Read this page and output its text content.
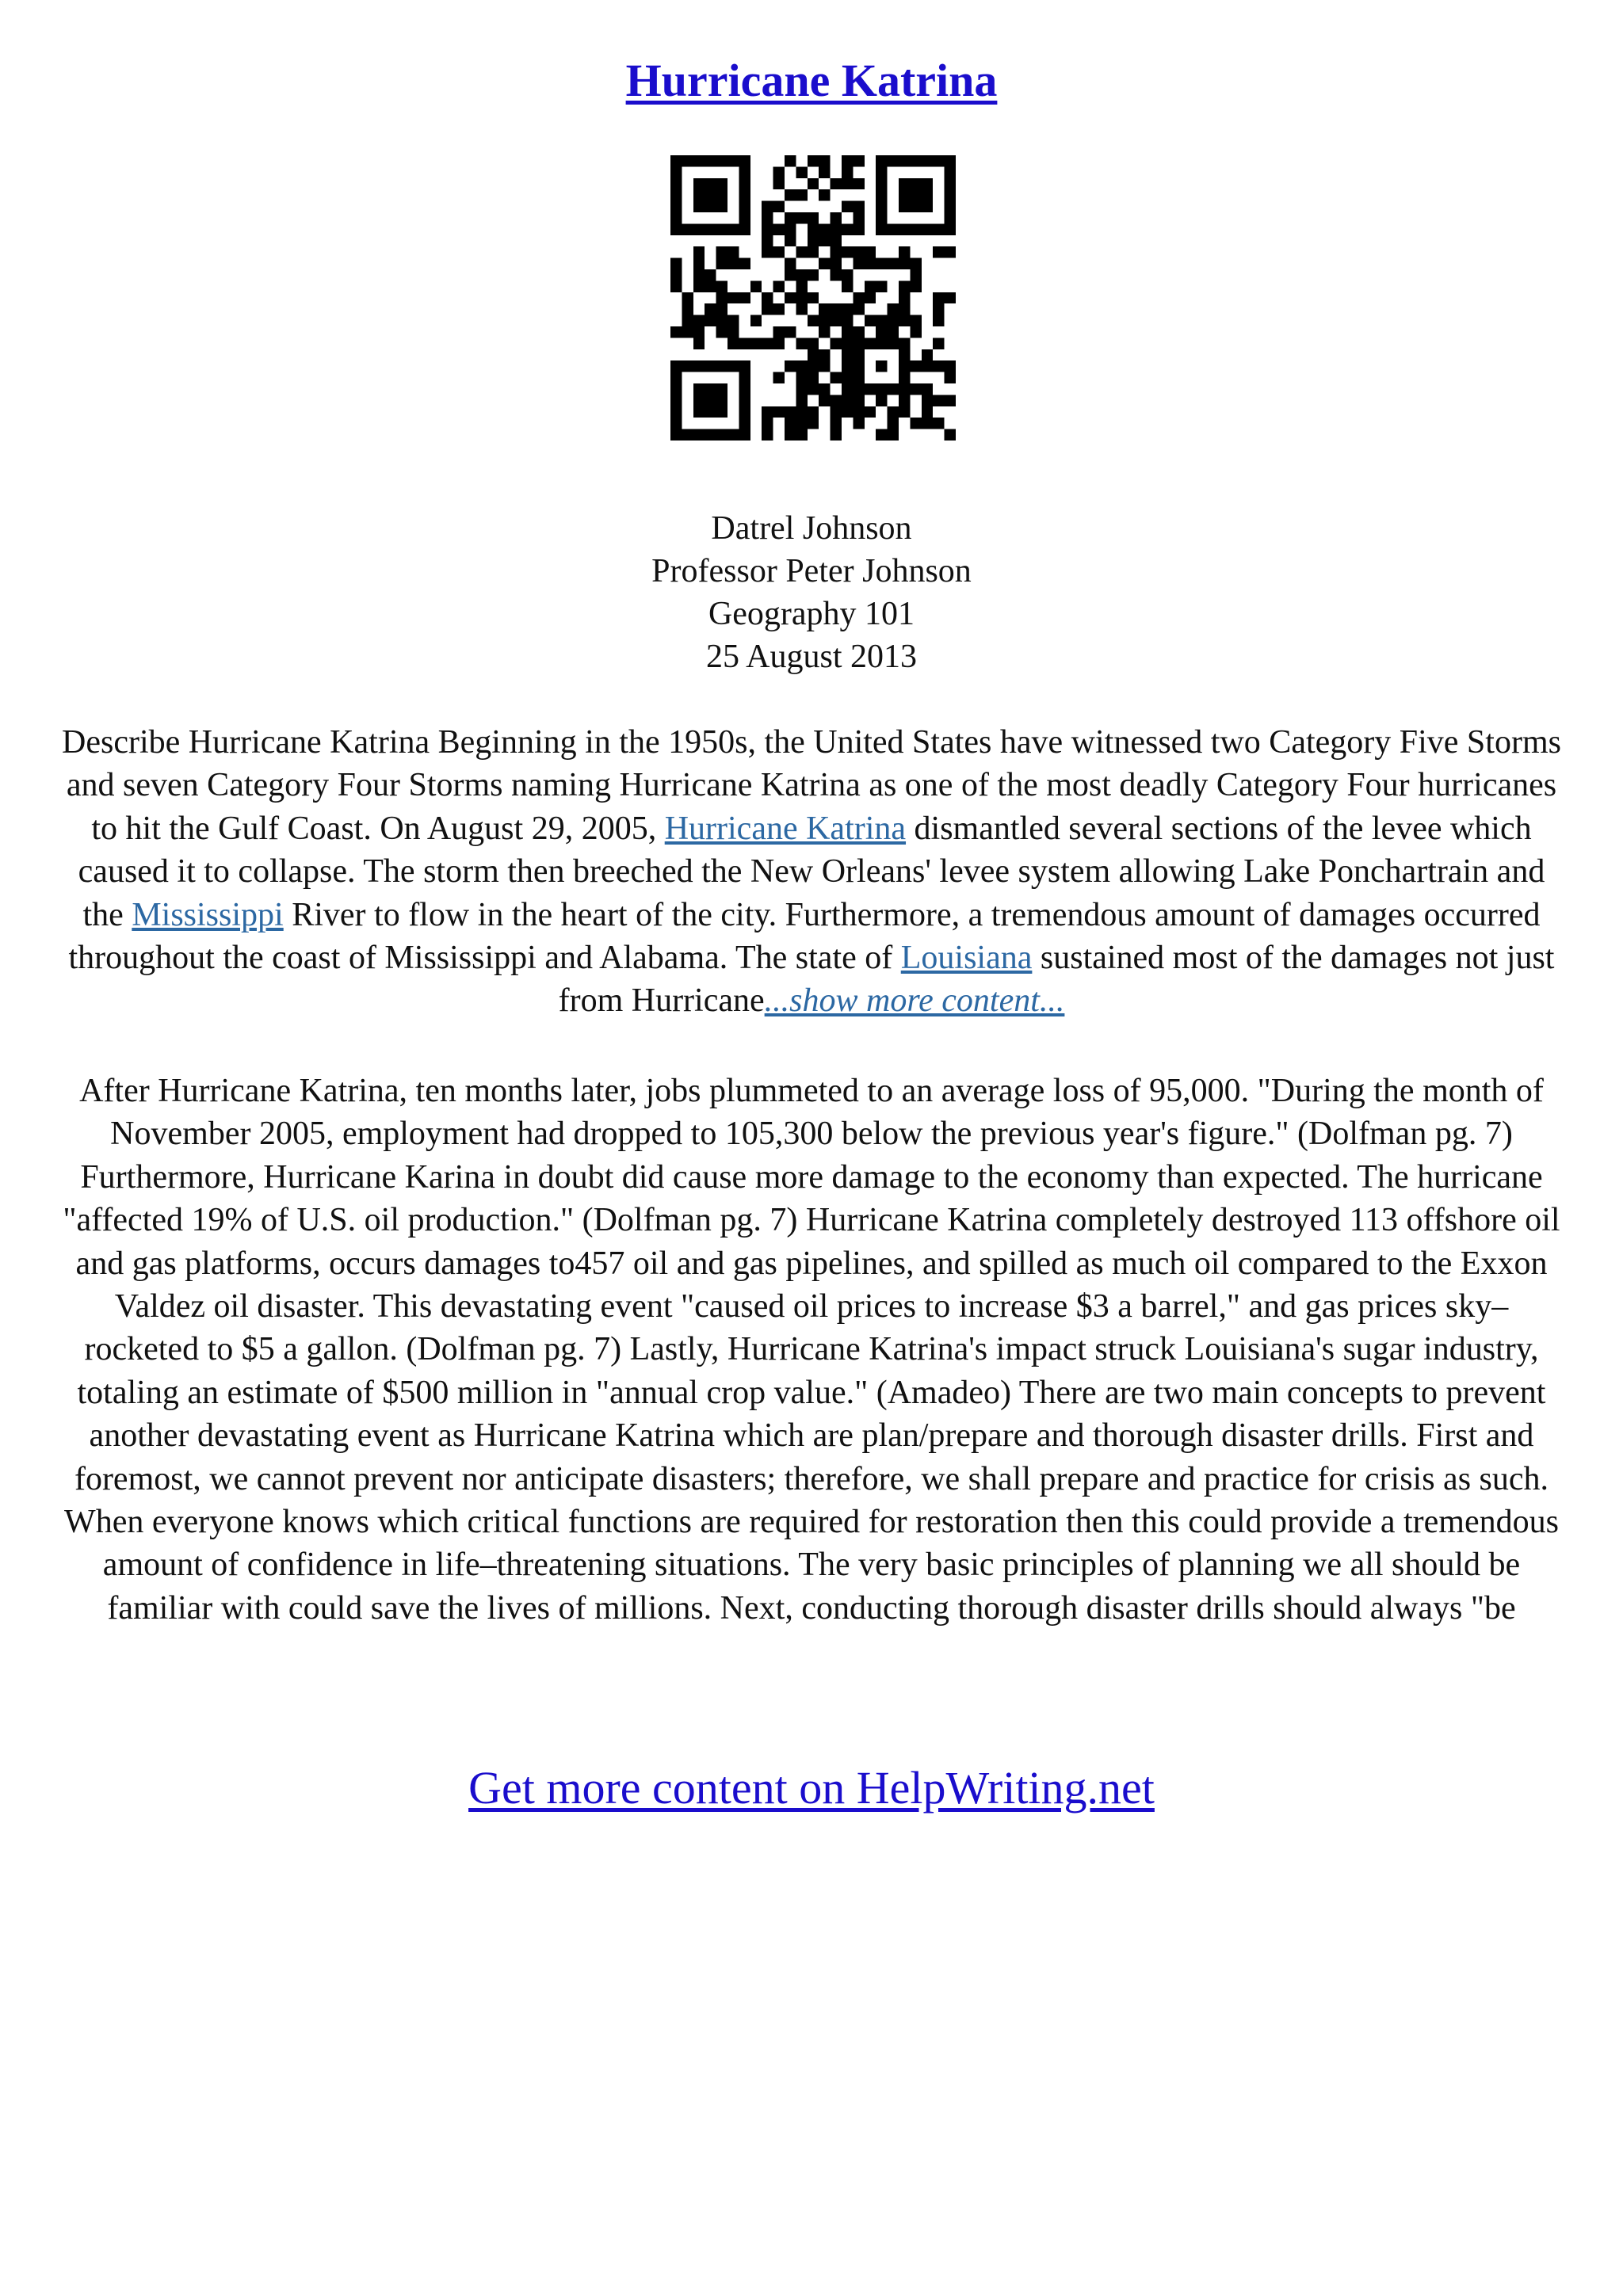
Hurricane Katrina
Datrel Johnson
Professor Peter Johnson
Geography 101
25 August 2013
Describe Hurricane Katrina Beginning in the 1950s, the United States have witnessed two Category Five Storms and seven Category Four Storms naming Hurricane Katrina as one of the most deadly Category Four hurricanes to hit the Gulf Coast. On August 29, 2005, Hurricane Katrina dismantled several sections of the levee which caused it to collapse. The storm then breeched the New Orleans' levee system allowing Lake Ponchartrain and the Mississippi River to flow in the heart of the city. Furthermore, a tremendous amount of damages occurred throughout the coast of Mississippi and Alabama. The state of Louisiana sustained most of the damages not just from Hurricane...show more content...
After Hurricane Katrina, ten months later, jobs plummeted to an average loss of 95,000. "During the month of November 2005, employment had dropped to 105,300 below the previous year's figure." (Dolfman pg. 7) Furthermore, Hurricane Karina in doubt did cause more damage to the economy than expected. The hurricane "affected 19% of U.S. oil production." (Dolfman pg. 7) Hurricane Katrina completely destroyed 113 offshore oil and gas platforms, occurs damages to457 oil and gas pipelines, and spilled as much oil compared to the Exxon Valdez oil disaster. This devastating event "caused oil prices to increase $3 a barrel," and gas prices sky–rocketed to $5 a gallon. (Dolfman pg. 7) Lastly, Hurricane Katrina's impact struck Louisiana's sugar industry, totaling an estimate of $500 million in "annual crop value." (Amadeo) There are two main concepts to prevent another devastating event as Hurricane Katrina which are plan/prepare and thorough disaster drills. First and foremost, we cannot prevent nor anticipate disasters; therefore, we shall prepare and practice for crisis as such. When everyone knows which critical functions are required for restoration then this could provide a tremendous amount of confidence in life–threatening situations. The very basic principles of planning we all should be familiar with could save the lives of millions. Next, conducting thorough disaster drills should always "be
Get more content on HelpWriting.net
